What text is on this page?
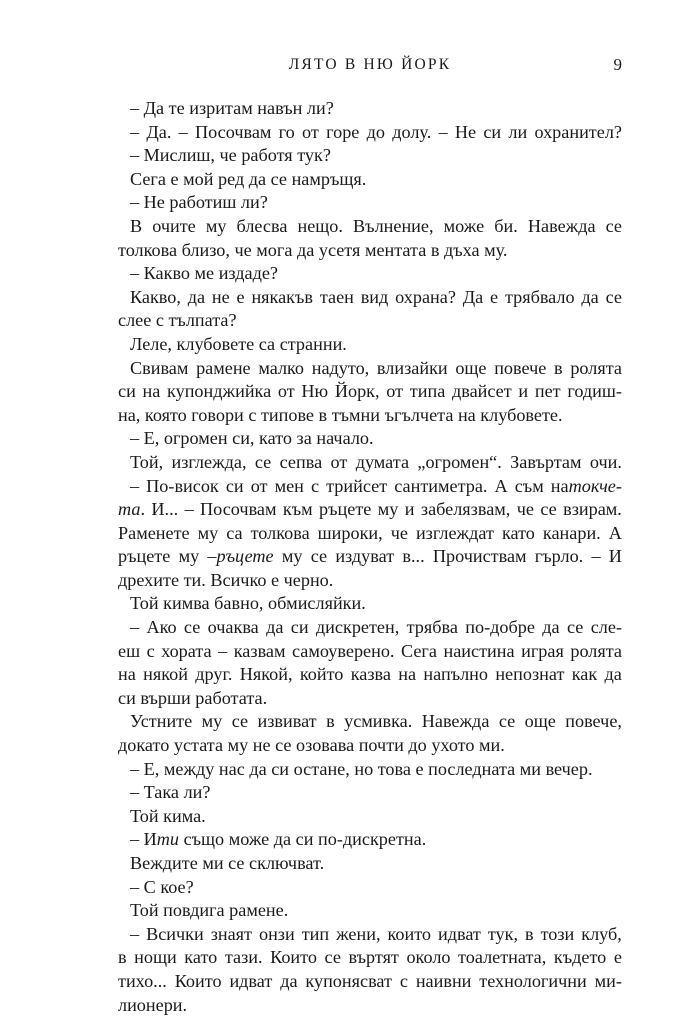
ЛЯТО В НЮ ЙОРК	9
– Да те изритам навън ли?
– Да. – Посочвам го от горе до долу. – Не си ли охранител?
– Мислиш, че работя тук?
Сега е мой ред да се намръщя.
– Не работиш ли?
В очите му блесва нещо. Вълнение, може би. Навежда се
толкова близо, че мога да усетя ментата в дъха му.
– Какво ме издаде?
Какво, да не е някакъв таен вид охрана? Да е трябвало да се
слее с тълпата?
Леле, клубовете са странни.
Свивам рамене малко надуто, влизайки още повече в ролята
си на купонджийка от Ню Йорк, от типа двайсет и пет годиш-
на, която говори с типове в тъмни ъгълчета на клубовете.
– Е, огромен си, като за начало.
Той, изглежда, се сепва от думата „огромен“. Завъртам очи.
– По-висок си от мен с трийсет сантиметра. А съм натокче-
та. И... – Посочвам към ръцете му и забелязвам, че се взирам.
Раменете му са толкова широки, че изглеждат като канари. А
ръцете му –ръцете му се издуват в... Прочиствам гърло. – И
дрехите ти. Всичко е черно.
Той кимва бавно, обмисляйки.
– Ако се очаква да си дискретен, трябва по-добре да се сле-
еш с хората – казвам самоуверено. Сега наистина играя ролята
на някой друг. Някой, който казва на напълно непознат как да
си върши работата.
Устните му се извиват в усмивка. Навежда се още повече,
докато устата му не се озовава почти до ухото ми.
– Е, между нас да си остане, но това е последната ми вечер.
– Така ли?
Той кима.
– Ити също може да си по-дискретна.
Веждите ми се сключват.
– С кое?
Той повдига рамене.
– Всички знаят онзи тип жени, които идват тук, в този клуб,
в нощи като тази. Които се въртят около тоалетната, където е
тихо... Които идват да купонясват с наивни технологични ми-
лионери.
